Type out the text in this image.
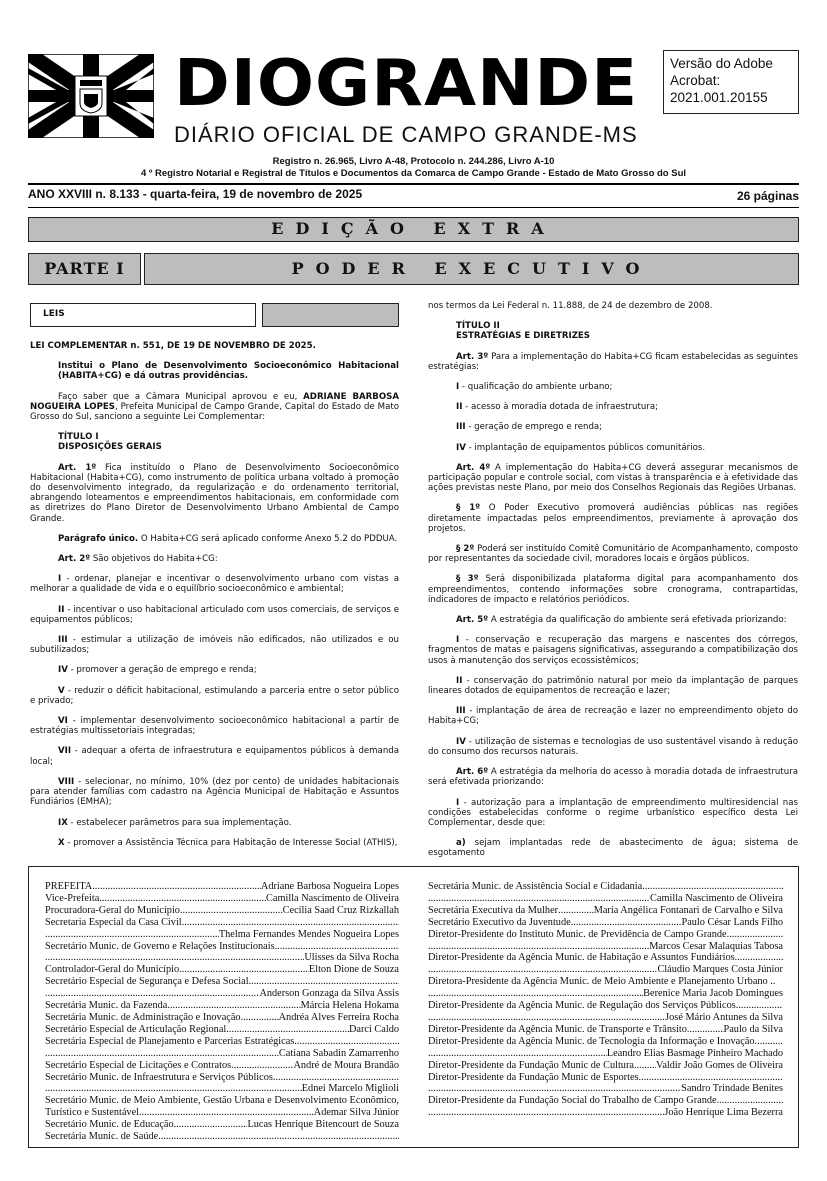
DIOGRANDE
DIÁRIO OFICIAL DE CAMPO GRANDE-MS
Versão do Adobe
Acrobat:
2021.001.20155
Registro n. 26.965, Livro A-48, Protocolo n. 244.286, Livro A-10
4 º Registro Notarial e Registral de Títulos e Documentos da Comarca de Campo Grande - Estado de Mato Grosso do Sul
ANO XXVIII n. 8.133 - quarta-feira, 19 de novembro de 2025	26 páginas
EDIÇÃO EXTRA
PARTE I	PODER EXECUTIVO
LEIS

LEI COMPLEMENTAR n. 551, DE 19 DE NOVEMBRO DE 2025.

Institui o Plano de Desenvolvimento Socioeconômico Habitacional (HABITA+CG) e dá outras providências.

Faço saber que a Câmara Municipal aprovou e eu, ADRIANE BARBOSA NOGUEIRA LOPES, Prefeita Municipal de Campo Grande, Capital do Estado de Mato Grosso do Sul, sanciono a seguinte Lei Complementar:

TÍTULO I
DISPOSIÇÕES GERAIS

Art. 1º Fica instituído o Plano de Desenvolvimento Socioeconômico Habitacional (Habita+CG), como instrumento de política urbana voltado à promoção do desenvolvimento integrado, da regularização e do ordenamento territorial, abrangendo loteamentos e empreendimentos habitacionais, em conformidade com as diretrizes do Plano Diretor de Desenvolvimento Urbano Ambiental de Campo Grande.

Parágrafo único. O Habita+CG será aplicado conforme Anexo 5.2 do PDDUA.

Art. 2º São objetivos do Habita+CG:

I - ordenar, planejar e incentivar o desenvolvimento urbano com vistas a melhorar a qualidade de vida e o equilíbrio socioeconômico e ambiental;

II - incentivar o uso habitacional articulado com usos comerciais, de serviços e equipamentos públicos;

III - estimular a utilização de imóveis não edificados, não utilizados e ou subutilizados;

IV - promover a geração de emprego e renda;

V - reduzir o déficit habitacional, estimulando a parceria entre o setor público e privado;

VI - implementar desenvolvimento socioeconômico habitacional a partir de estratégias multissetoriais integradas;

VII - adequar a oferta de infraestrutura e equipamentos públicos à demanda local;

VIII - selecionar, no mínimo, 10% (dez por cento) de unidades habitacionais para atender famílias com cadastro na Agência Municipal de Habitação e Assuntos Fundiários (EMHA);

IX - estabelecer parâmetros para sua implementação.

X - promover a Assistência Técnica para Habitação de Interesse Social (ATHIS),

nos termos da Lei Federal n. 11.888, de 24 de dezembro de 2008.

TÍTULO II
ESTRATÉGIAS E DIRETRIZES

Art. 3º Para a implementação do Habita+CG ficam estabelecidas as seguintes estratégias:

I - qualificação do ambiente urbano;

II - acesso à moradia dotada de infraestrutura;

III - geração de emprego e renda;

IV - implantação de equipamentos públicos comunitários.

Art. 4º A implementação do Habita+CG deverá assegurar mecanismos de participação popular e controle social, com vistas à transparência e à efetividade das ações previstas neste Plano, por meio dos Conselhos Regionais das Regiões Urbanas.

§ 1º O Poder Executivo promoverá audiências públicas nas regiões diretamente impactadas pelos empreendimentos, previamente à aprovação dos projetos.

§ 2º Poderá ser instituído Comitê Comunitário de Acompanhamento, composto por representantes da sociedade civil, moradores locais e órgãos públicos.

§ 3º Será disponibilizada plataforma digital para acompanhamento dos empreendimentos, contendo informações sobre cronograma, contrapartidas, indicadores de impacto e relatórios periódicos.

Art. 5º A estratégia da qualificação do ambiente será efetivada priorizando:

I - conservação e recuperação das margens e nascentes dos córregos, fragmentos de matas e paisagens significativas, assegurando a compatibilização dos usos à manutenção dos serviços ecossistêmicos;

II - conservação do patrimônio natural por meio da implantação de parques lineares dotados de equipamentos de recreação e lazer;

III - implantação de área de recreação e lazer no empreendimento objeto do Habita+CG;

IV - utilização de sistemas e tecnologias de uso sustentável visando à redução do consumo dos recursos naturais.

Art. 6º A estratégia da melhoria do acesso à moradia dotada de infraestrutura será efetivada priorizando:

I - autorização para a implantação de empreendimento multiresidencial nas condições estabelecidas conforme o regime urbanístico específico desta Lei Complementar, desde que:

a) sejam implantadas rede de abastecimento de água; sistema de esgotamento

PREFEITA .....	Adriane Barbosa Nogueira Lopes
Vice-Prefeita .....	Camilla Nascimento de Oliveira
Procuradora-Geral do Município .....	Cecília Saad Cruz Rizkallah
Secretaria Especial da Casa Civil
.....
.....
Thelma Fernandes Mendes Nogueira Lopes
Secretário Munic. de Governo e Relações Institucionais
.....
.....
Ulisses da Silva Rocha
Controlador-Geral do Município .....	Elton Dione de Souza
Secretário Especial de Segurança e Defesa Social
.....
.....
Anderson Gonzaga da Silva Assis
Secretária Munic. da Fazenda .....	Márcia Helena Hokama
Secretária Munic. de Administração e Inovação .....	Andréa Alves Ferreira Rocha
Secretário Especial de Articulação Regional .....	Darci Caldo
Secretária Especial de Planejamento e Parcerias Estratégicas
.....
.....
Catiana Sabadin Zamarrenho
Secretário Especial de Licitações e Contratos .....	André de Moura Brandão
Secretário Munic. de Infraestrutura e Serviços Públicos
.....
.....
Ednei Marcelo Miglioli
Secretário Munic. de Meio Ambiente, Gestão Urbana e Desenvolvimento Econômico,
Turístico e Sustentável .....	Ademar Silva Júnior
Secretário Munic. de Educação .....	Lucas Henrique Bitencourt de Souza
Secretária Munic. de Saúde
.....
Secretária Munic. de Assistência Social e Cidadania
.....
.....
Camilla Nascimento de Oliveira
Secretária Executiva da Mulher .....	Maria Angélica Fontanari de Carvalho e Silva
Secretário Executivo da Juventude .....	Paulo César Lands Filho
Diretor-Presidente do Instituto Munic. de Previdência de Campo Grande
.....
.....
Marcos Cesar Malaquias Tabosa
Diretor-Presidente da Agência Munic. de Habitação e Assuntos Fundiários
.....
.....
Cláudio Marques Costa Júnior
Diretora-Presidente da Agência Munic. de Meio Ambiente e Planejamento Urbano ..
.....
Berenice Maria Jacob Domingues
Diretor-Presidente da Agência Munic. de Regulação dos Serviços Públicos
.....
.....
José Mário Antunes da Silva
Diretor-Presidente da Agência Munic. de Transporte e Trânsito .....	Paulo da Silva
Diretor-Presidente da Agência Munic. de Tecnologia da Informação e Inovação
.....
.....
Leandro Elias Basmage Pinheiro Machado
Diretor-Presidente da Fundação Munic de Cultura ..... Valdir João Gomes de Oliveira
Diretor-Presidente da Fundação Munic de Esportes
.....
.....
Sandro Trindade Benites
Diretor-Presidente da Fundação Social do Trabalho de Campo Grande
.....
.....
João Henrique Lima Bezerra
